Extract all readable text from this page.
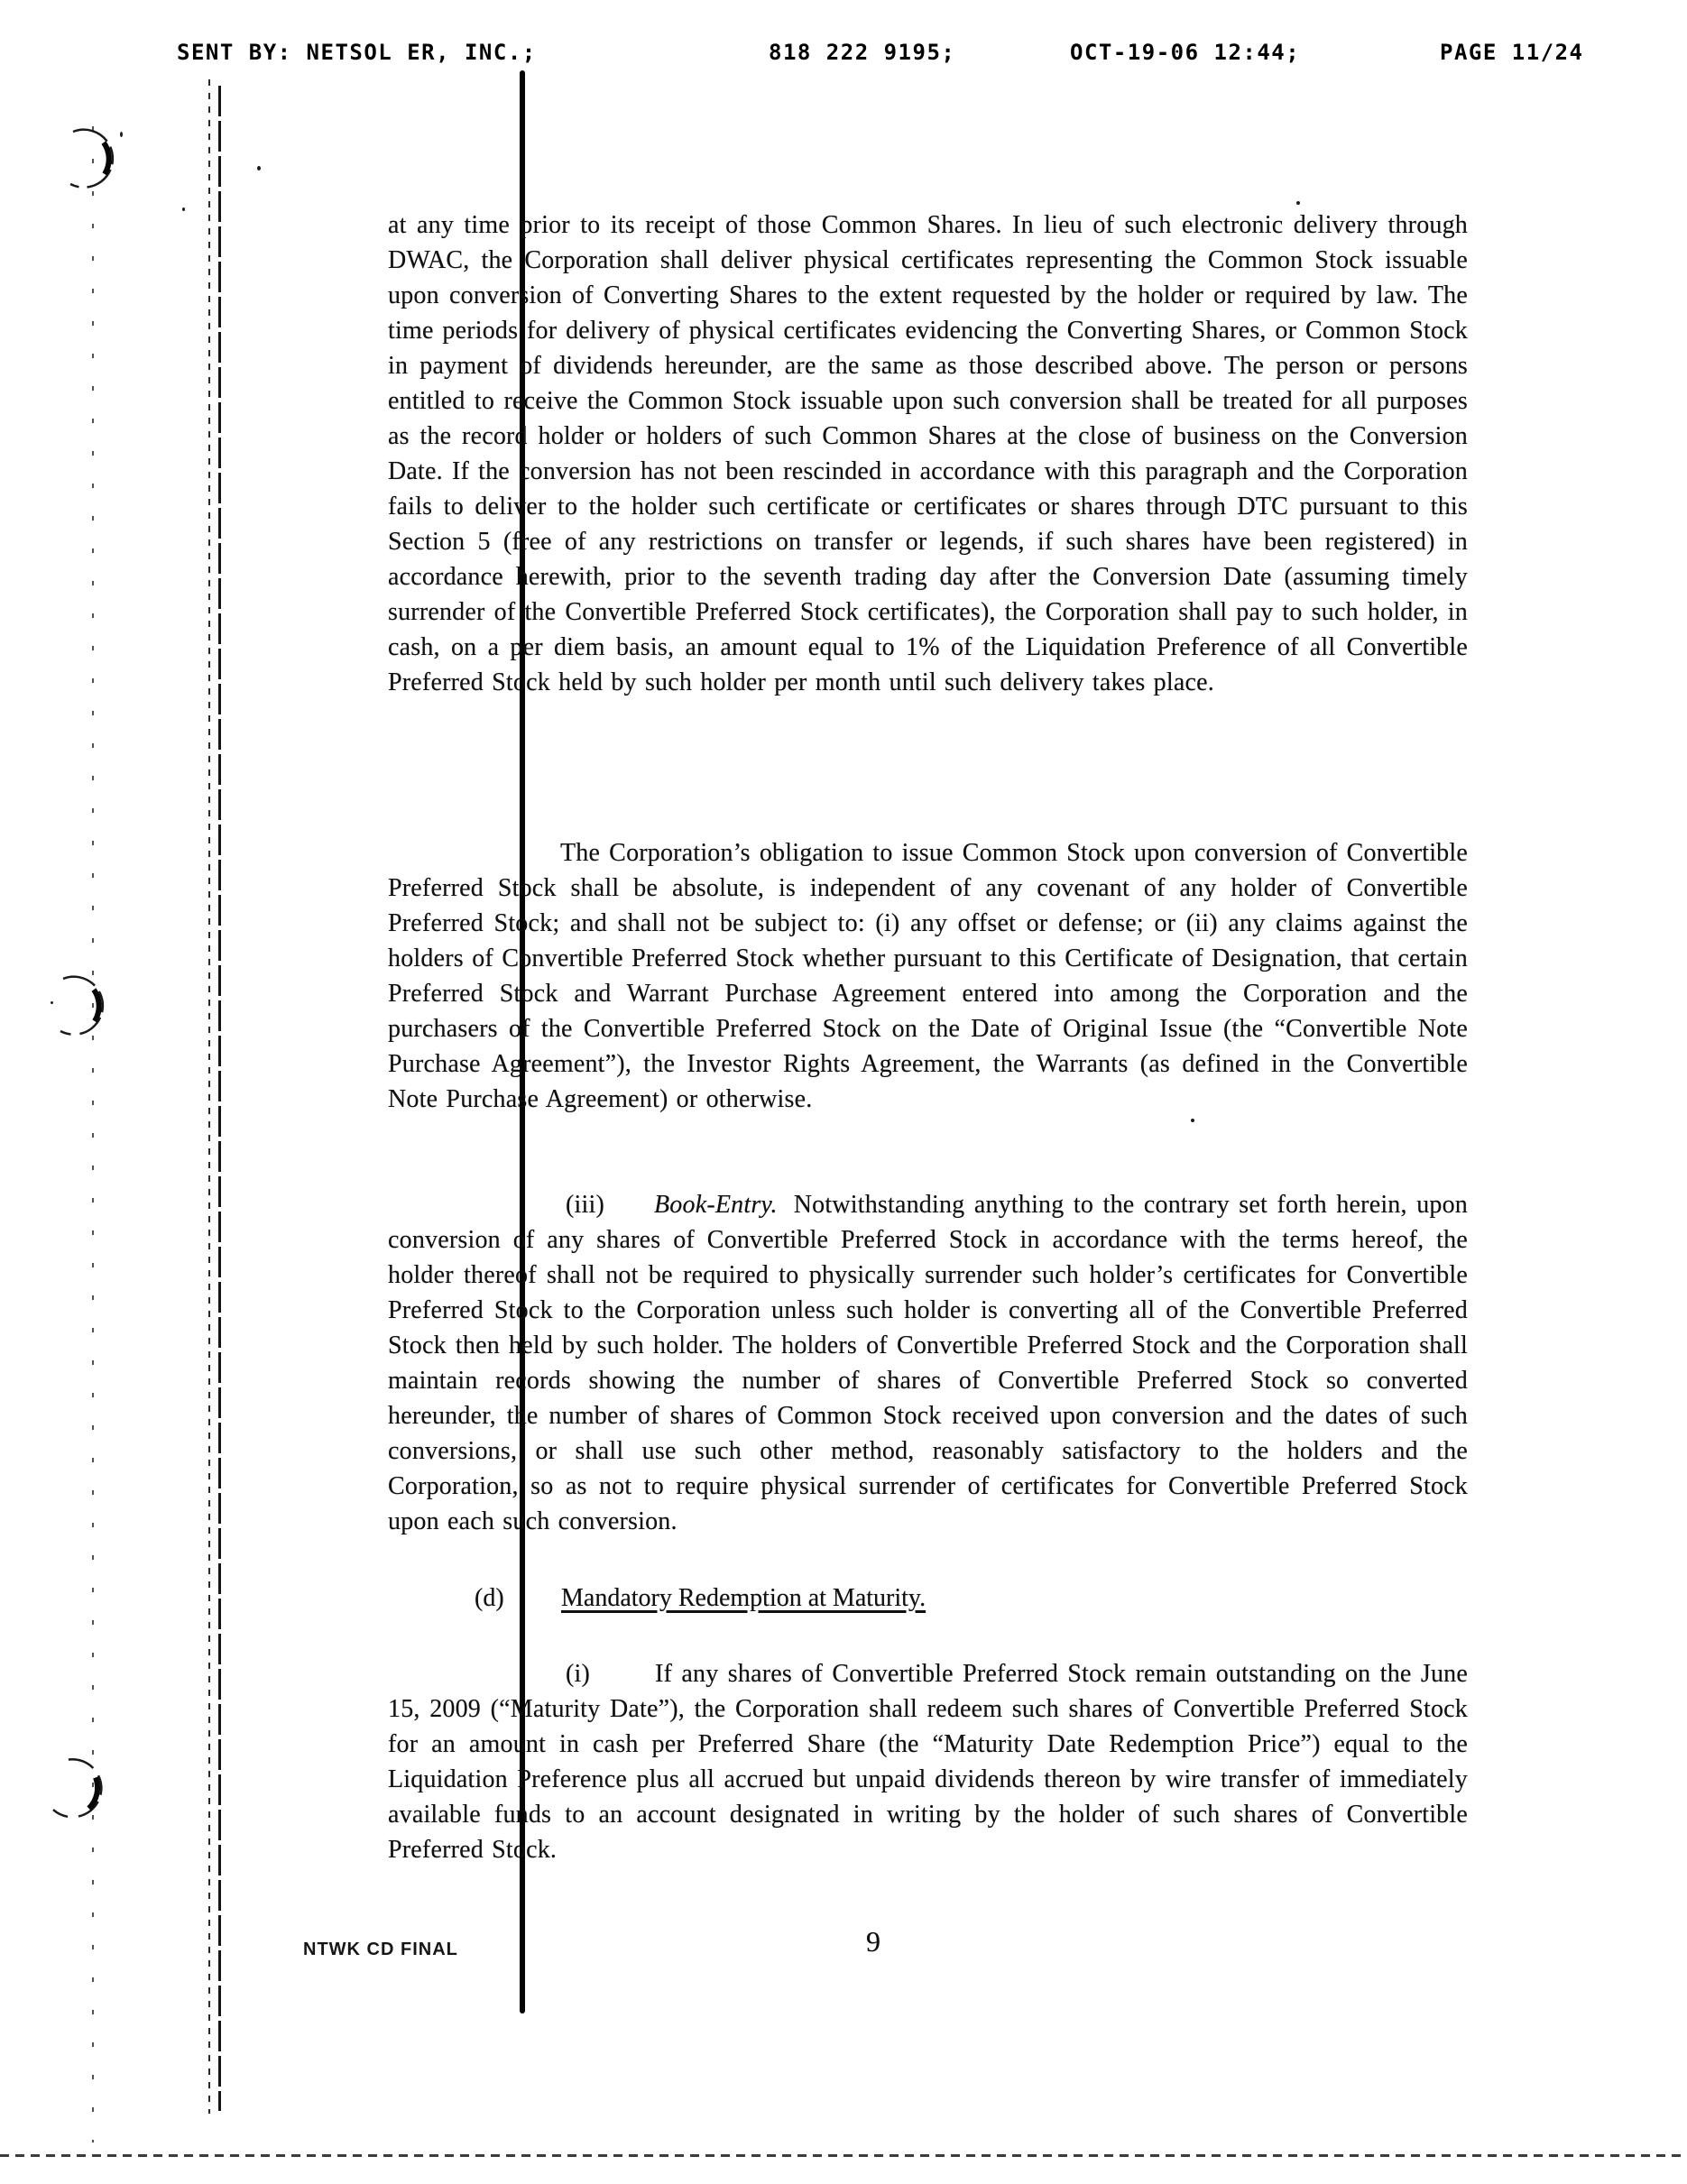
SENT BY: NETSOL ER, INC.;	818 222 9195;	OCT-19-06 12:44;	PAGE 11/24

at any time prior to its receipt of those Common Shares. In lieu of such electronic delivery through DWAC, the Corporation shall deliver physical certificates representing the Common Stock issuable upon conversion of Converting Shares to the extent requested by the holder or required by law. The time periods for delivery of physical certificates evidencing the Converting Shares, or Common Stock in payment of dividends hereunder, are the same as those described above. The person or persons entitled to receive the Common Stock issuable upon such conversion shall be treated for all purposes as the record holder or holders of such Common Shares at the close of business on the Conversion Date. If the conversion has not been rescinded in accordance with this paragraph and the Corporation fails to deliver to the holder such certificate or certificates or shares through DTC pursuant to this Section 5 (free of any restrictions on transfer or legends, if such shares have been registered) in accordance herewith, prior to the seventh trading day after the Conversion Date (assuming timely surrender of the Convertible Preferred Stock certificates), the Corporation shall pay to such holder, in cash, on a per diem basis, an amount equal to 1% of the Liquidation Preference of all Convertible Preferred Stock held by such holder per month until such delivery takes place.

The Corporation’s obligation to issue Common Stock upon conversion of Convertible Preferred Stock shall be absolute, is independent of any covenant of any holder of Convertible Preferred Stock; and shall not be subject to: (i) any offset or defense; or (ii) any claims against the holders of Convertible Preferred Stock whether pursuant to this Certificate of Designation, that certain Preferred Stock and Warrant Purchase Agreement entered into among the Corporation and the purchasers of the Convertible Preferred Stock on the Date of Original Issue (the “Convertible Note Purchase Agreement”), the Investor Rights Agreement, the Warrants (as defined in the Convertible Note Purchase Agreement) or otherwise.

(iii) Book-Entry. Notwithstanding anything to the contrary set forth herein, upon conversion of any shares of Convertible Preferred Stock in accordance with the terms hereof, the holder thereof shall not be required to physically surrender such holder’s certificates for Convertible Preferred Stock to the Corporation unless such holder is converting all of the Convertible Preferred Stock then held by such holder. The holders of Convertible Preferred Stock and the Corporation shall maintain records showing the number of shares of Convertible Preferred Stock so converted hereunder, the number of shares of Common Stock received upon conversion and the dates of such conversions, or shall use such other method, reasonably satisfactory to the holders and the Corporation, so as not to require physical surrender of certificates for Convertible Preferred Stock upon each such conversion.

(d) Mandatory Redemption at Maturity.

(i)	If any shares of Convertible Preferred Stock remain outstanding on the June 15, 2009 (“Maturity Date”), the Corporation shall redeem such shares of Convertible Preferred Stock for an amount in cash per Preferred Share (the “Maturity Date Redemption Price”) equal to the Liquidation Preference plus all accrued but unpaid dividends thereon by wire transfer of immediately available funds to an account designated in writing by the holder of such shares of Convertible Preferred Stock.

NTWK CD FINAL	9
